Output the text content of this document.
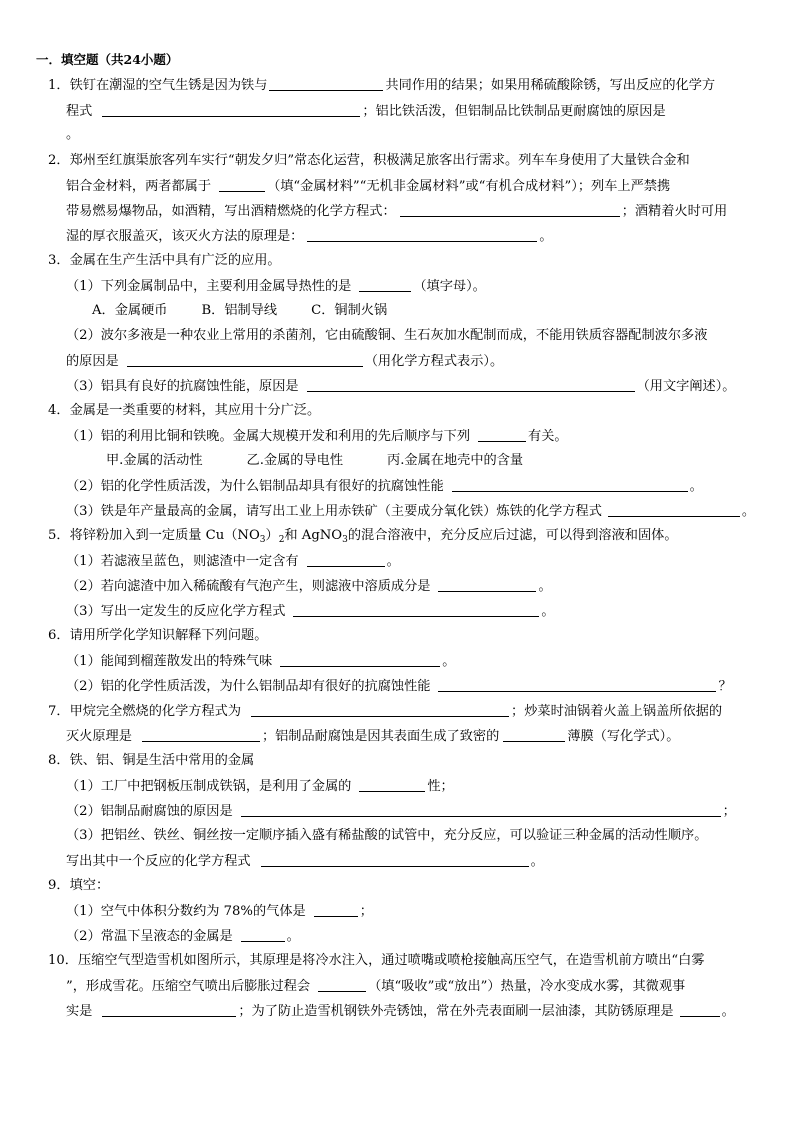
一．填空题（共24小题）
1．铁钉在潮湿的空气生锈是因为铁与	共同作用的结果；如果用稀硫酸除锈，写出反应的化学方
程式	；铝比铁活泼，但铝制品比铁制品更耐腐蚀的原因是
。
2．郑州至红旗渠旅客列车实行“朝发夕归”常态化运营，积极满足旅客出行需求。列车车身使用了大量铁合金和
铝合金材料，两者都属于	（填“金属材料”“无机非金属材料”或“有机合成材料”）；列车上严禁携
带易燃易爆物品，如酒精，写出酒精燃烧的化学方程式：	；酒精着火时可用
湿的厚衣服盖灭，该灭火方法的原理是：	。
3．金属在生产生活中具有广泛的应用。
（1）下列金属制品中，主要利用金属导热性的是	（填字母）。
A．金属硬币	B．铝制导线	C．铜制火锅
（2）波尔多液是一种农业上常用的杀菌剂，它由硫酸铜、生石灰加水配制而成，不能用铁质容器配制波尔多液
的原因是	（用化学方程式表示）。
（3）铝具有良好的抗腐蚀性能，原因是	（用文字阐述）。
4．金属是一类重要的材料，其应用十分广泛。
（1）铝的利用比铜和铁晚。金属大规模开发和利用的先后顺序与下列	有关。
甲.金属的活动性	乙.金属的导电性	丙.金属在地壳中的含量
（2）铝的化学性质活泼，为什么铝制品却具有很好的抗腐蚀性能	。
（3）铁是年产量最高的金属，请写出工业上用赤铁矿（主要成分氧化铁）炼铁的化学方程式	。
5．将锌粉加入到一定质量 $Cu(NO_3)_2$和 AgNO$_3$的混合溶液中，充分反应后过滤，可以得到溶液和固体。
（1）若滤液呈蓝色，则滤渣中一定含有	。
（2）若向滤渣中加入稀硫酸有气泡产生，则滤液中溶质成分是	。
（3）写出一定发生的反应化学方程式	。
6．请用所学化学知识解释下列问题。
（1）能闻到榴莲散发出的特殊气味	。
（2）铝的化学性质活泼，为什么铝制品却有很好的抗腐蚀性能	？
7．甲烷完全燃烧的化学方程式为	；炒菜时油锅着火盖上锅盖所依据的
灭火原理是	；铝制品耐腐蚀是因其表面生成了致密的	薄膜（写化学式）。
8．铁、铝、铜是生活中常用的金属
（1）工厂中把钢板压制成铁锅，是利用了金属的	性；
（2）铝制品耐腐蚀的原因是	；
（3）把铝丝、铁丝、铜丝按一定顺序插入盛有稀盐酸的试管中，充分反应，可以验证三种金属的活动性顺序。
写出其中一个反应的化学方程式	。
9．填空：
（1）空气中体积分数约为 78%的气体是	；
（2）常温下呈液态的金属是	。
10．压缩空气型造雪机如图所示，其原理是将冷水注入，通过喷嘴或喷枪接触高压空气，在造雪机前方喷出“白雾
”，形成雪花。压缩空气喷出后膨胀过程会	（填“吸收”或“放出”）热量，冷水变成水雾，其微观事
实是	；为了防止造雪机钢铁外壳锈蚀，常在外壳表面刷一层油漆，其防锈原理是	。
